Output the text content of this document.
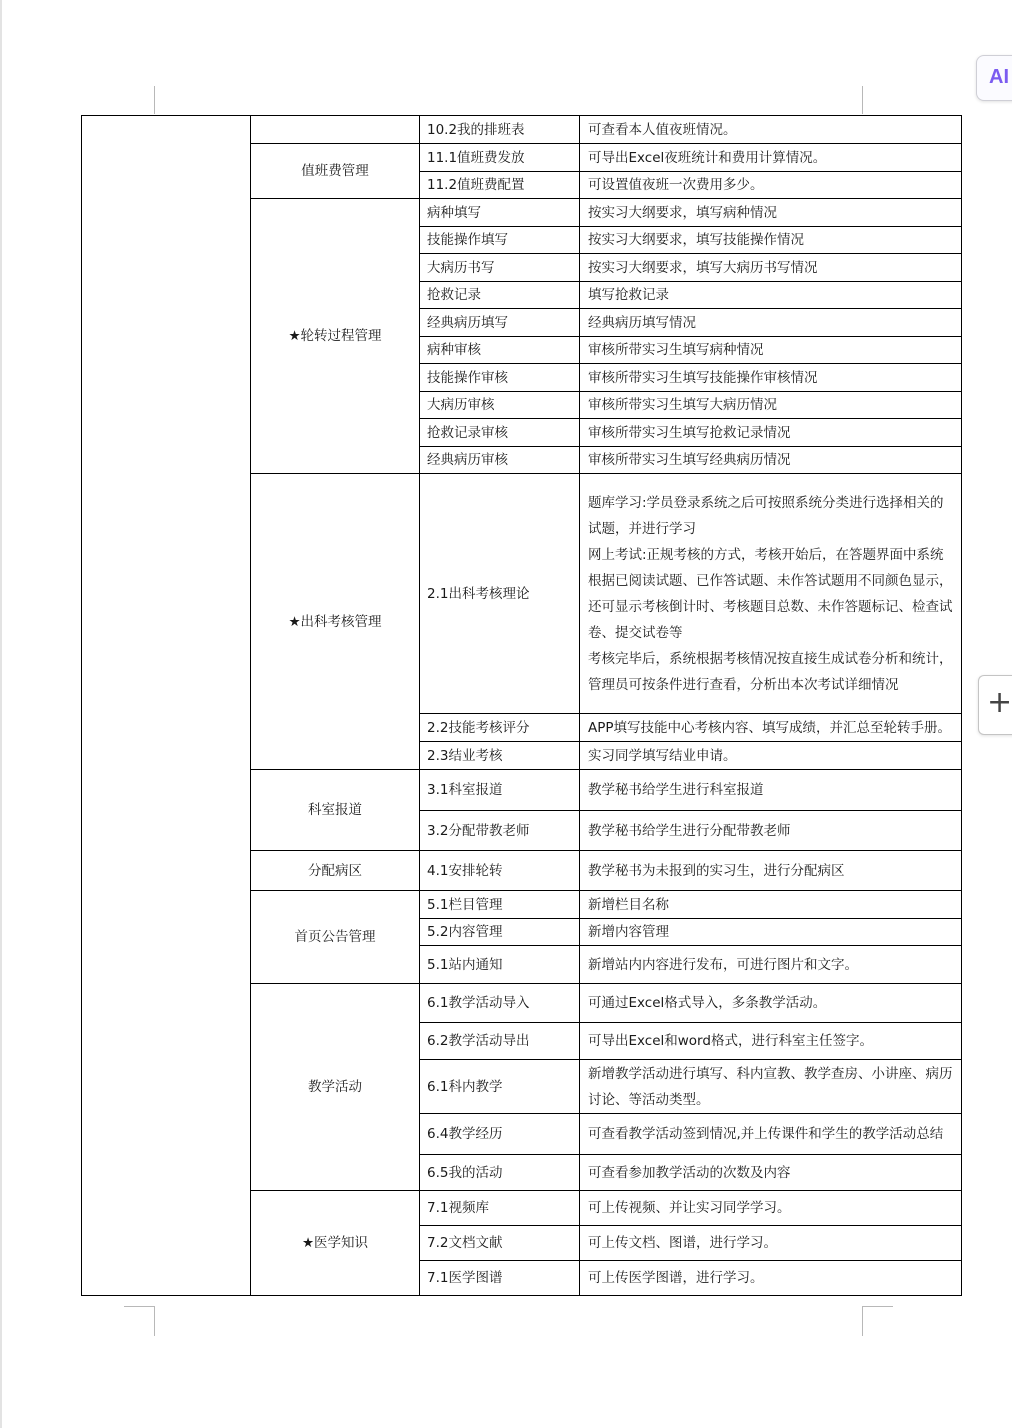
AI
+
		10.2我的排班表	可查看本人值夜班情况。
	值班费管理	11.1值班费发放	可导出Excel夜班统计和费用计算情况。
		11.2值班费配置	可设置值夜班一次费用多少。
	★轮转过程管理	病种填写	按实习大纲要求，填写病种情况
		技能操作填写	按实习大纲要求，填写技能操作情况
		大病历书写	按实习大纲要求，填写大病历书写情况
		抢救记录	填写抢救记录
		经典病历填写	经典病历填写情况
		病种审核	审核所带实习生填写病种情况
		技能操作审核	审核所带实习生填写技能操作审核情况
		大病历审核	审核所带实习生填写大病历情况
		抢救记录审核	审核所带实习生填写抢救记录情况
		经典病历审核	审核所带实习生填写经典病历情况
	★出科考核管理	2.1出科考核理论	题库学习:学员登录系统之后可按照系统分类进行选择相关的试题，并进行学习
网上考试:正规考核的方式，考核开始后，在答题界面中系统根据已阅读试题、已作答试题、未作答试题用不同颜色显示，还可显示考核倒计时、考核题目总数、未作答题标记、检查试卷、提交试卷等
考核完毕后，系统根据考核情况按直接生成试卷分析和统计，管理员可按条件进行查看，分析出本次考试详细情况

		2.2技能考核评分	APP填写技能中心考核内容、填写成绩，并汇总至轮转手册。
		2.3结业考核	实习同学填写结业申请。
	科室报道	3.1科室报道	教学秘书给学生进行科室报道
		3.2分配带教老师	教学秘书给学生进行分配带教老师
	分配病区	4.1安排轮转	教学秘书为未报到的实习生，进行分配病区
	首页公告管理	5.1栏目管理	新增栏目名称
		5.2内容管理	新增内容管理
		5.1站内通知	新增站内内容进行发布，可进行图片和文字。
	教学活动	6.1教学活动导入	可通过Excel格式导入，多条教学活动。
		6.2教学活动导出	可导出Excel和word格式，进行科室主任签字。
		6.1科内教学	新增教学活动进行填写、科内宣教、教学查房、小讲座、病历讨论、等活动类型。
		6.4教学经历	可查看教学活动签到情况,并上传课件和学生的教学活动总结
		6.5我的活动	可查看参加教学活动的次数及内容
	★医学知识	7.1视频库	可上传视频、并让实习同学学习。
		7.2文档文献	可上传文档、图谱，进行学习。
		7.1医学图谱	可上传医学图谱，进行学习。
